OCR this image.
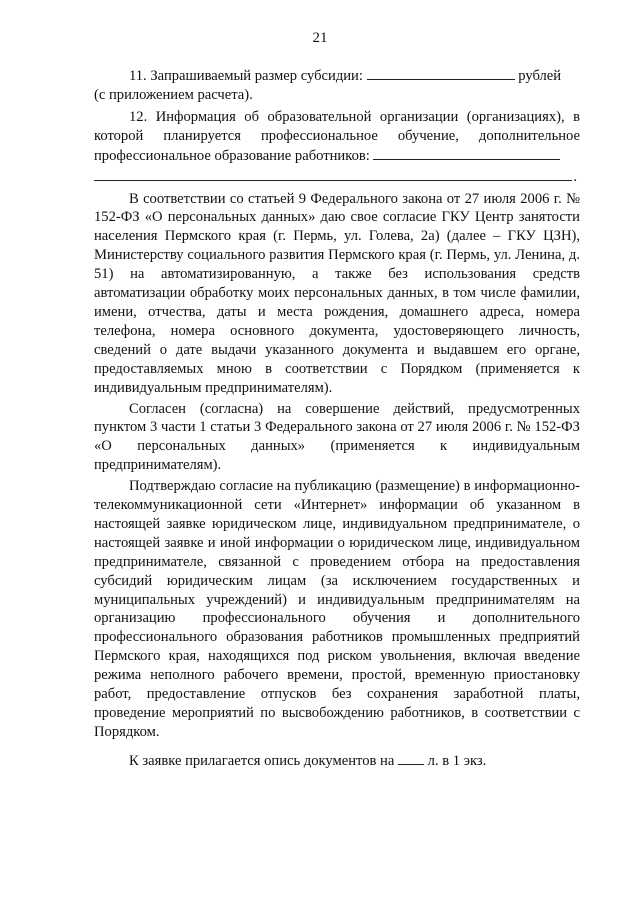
21

11. Запрашиваемый размер субсидии:	рублей

(с приложением расчета).

12. Информация об образовательной организации (организациях), в которой планируется профессиональное обучение, дополнительное профессиональное образование работников:

.

В соответствии со статьей 9 Федерального закона от 27 июля 2006 г. № 152-ФЗ «О персональных данных» даю свое согласие ГКУ Центр занятости населения Пермского края (г. Пермь, ул. Голева, 2а) (далее – ГКУ ЦЗН), Министерству социального развития Пермского края (г. Пермь, ул. Ленина, д. 51) на автоматизированную, а также без использования средств автоматизации обработку моих персональных данных, в том числе фамилии, имени, отчества, даты и места рождения, домашнего адреса, номера телефона, номера основного документа, удостоверяющего личность, сведений о дате выдачи указанного документа и выдавшем его органе, предоставляемых мною в соответствии с Порядком (применяется к индивидуальным предпринимателям).

Согласен (согласна) на совершение действий, предусмотренных пунктом 3 части 1 статьи 3 Федерального закона от 27 июля 2006 г. № 152-ФЗ «О персональных данных» (применяется к индивидуальным предпринимателям).

Подтверждаю согласие на публикацию (размещение) в информационно-телекоммуникационной сети «Интернет» информации об указанном в настоящей заявке юридическом лице, индивидуальном предпринимателе, о настоящей заявке и иной информации о юридическом лице, индивидуальном предпринимателе, связанной с проведением отбора на предоставления субсидий юридическим лицам (за исключением государственных и муниципальных учреждений) и индивидуальным предпринимателям на организацию профессионального обучения и дополнительного профессионального образования работников промышленных предприятий Пермского края, находящихся под риском увольнения, включая введение режима неполного рабочего времени, простой, временную приостановку работ, предоставление отпусков без сохранения заработной платы, проведение мероприятий по высвобождению работников, в соответствии с Порядком.

К заявке прилагается опись документов на л. в 1 экз.
